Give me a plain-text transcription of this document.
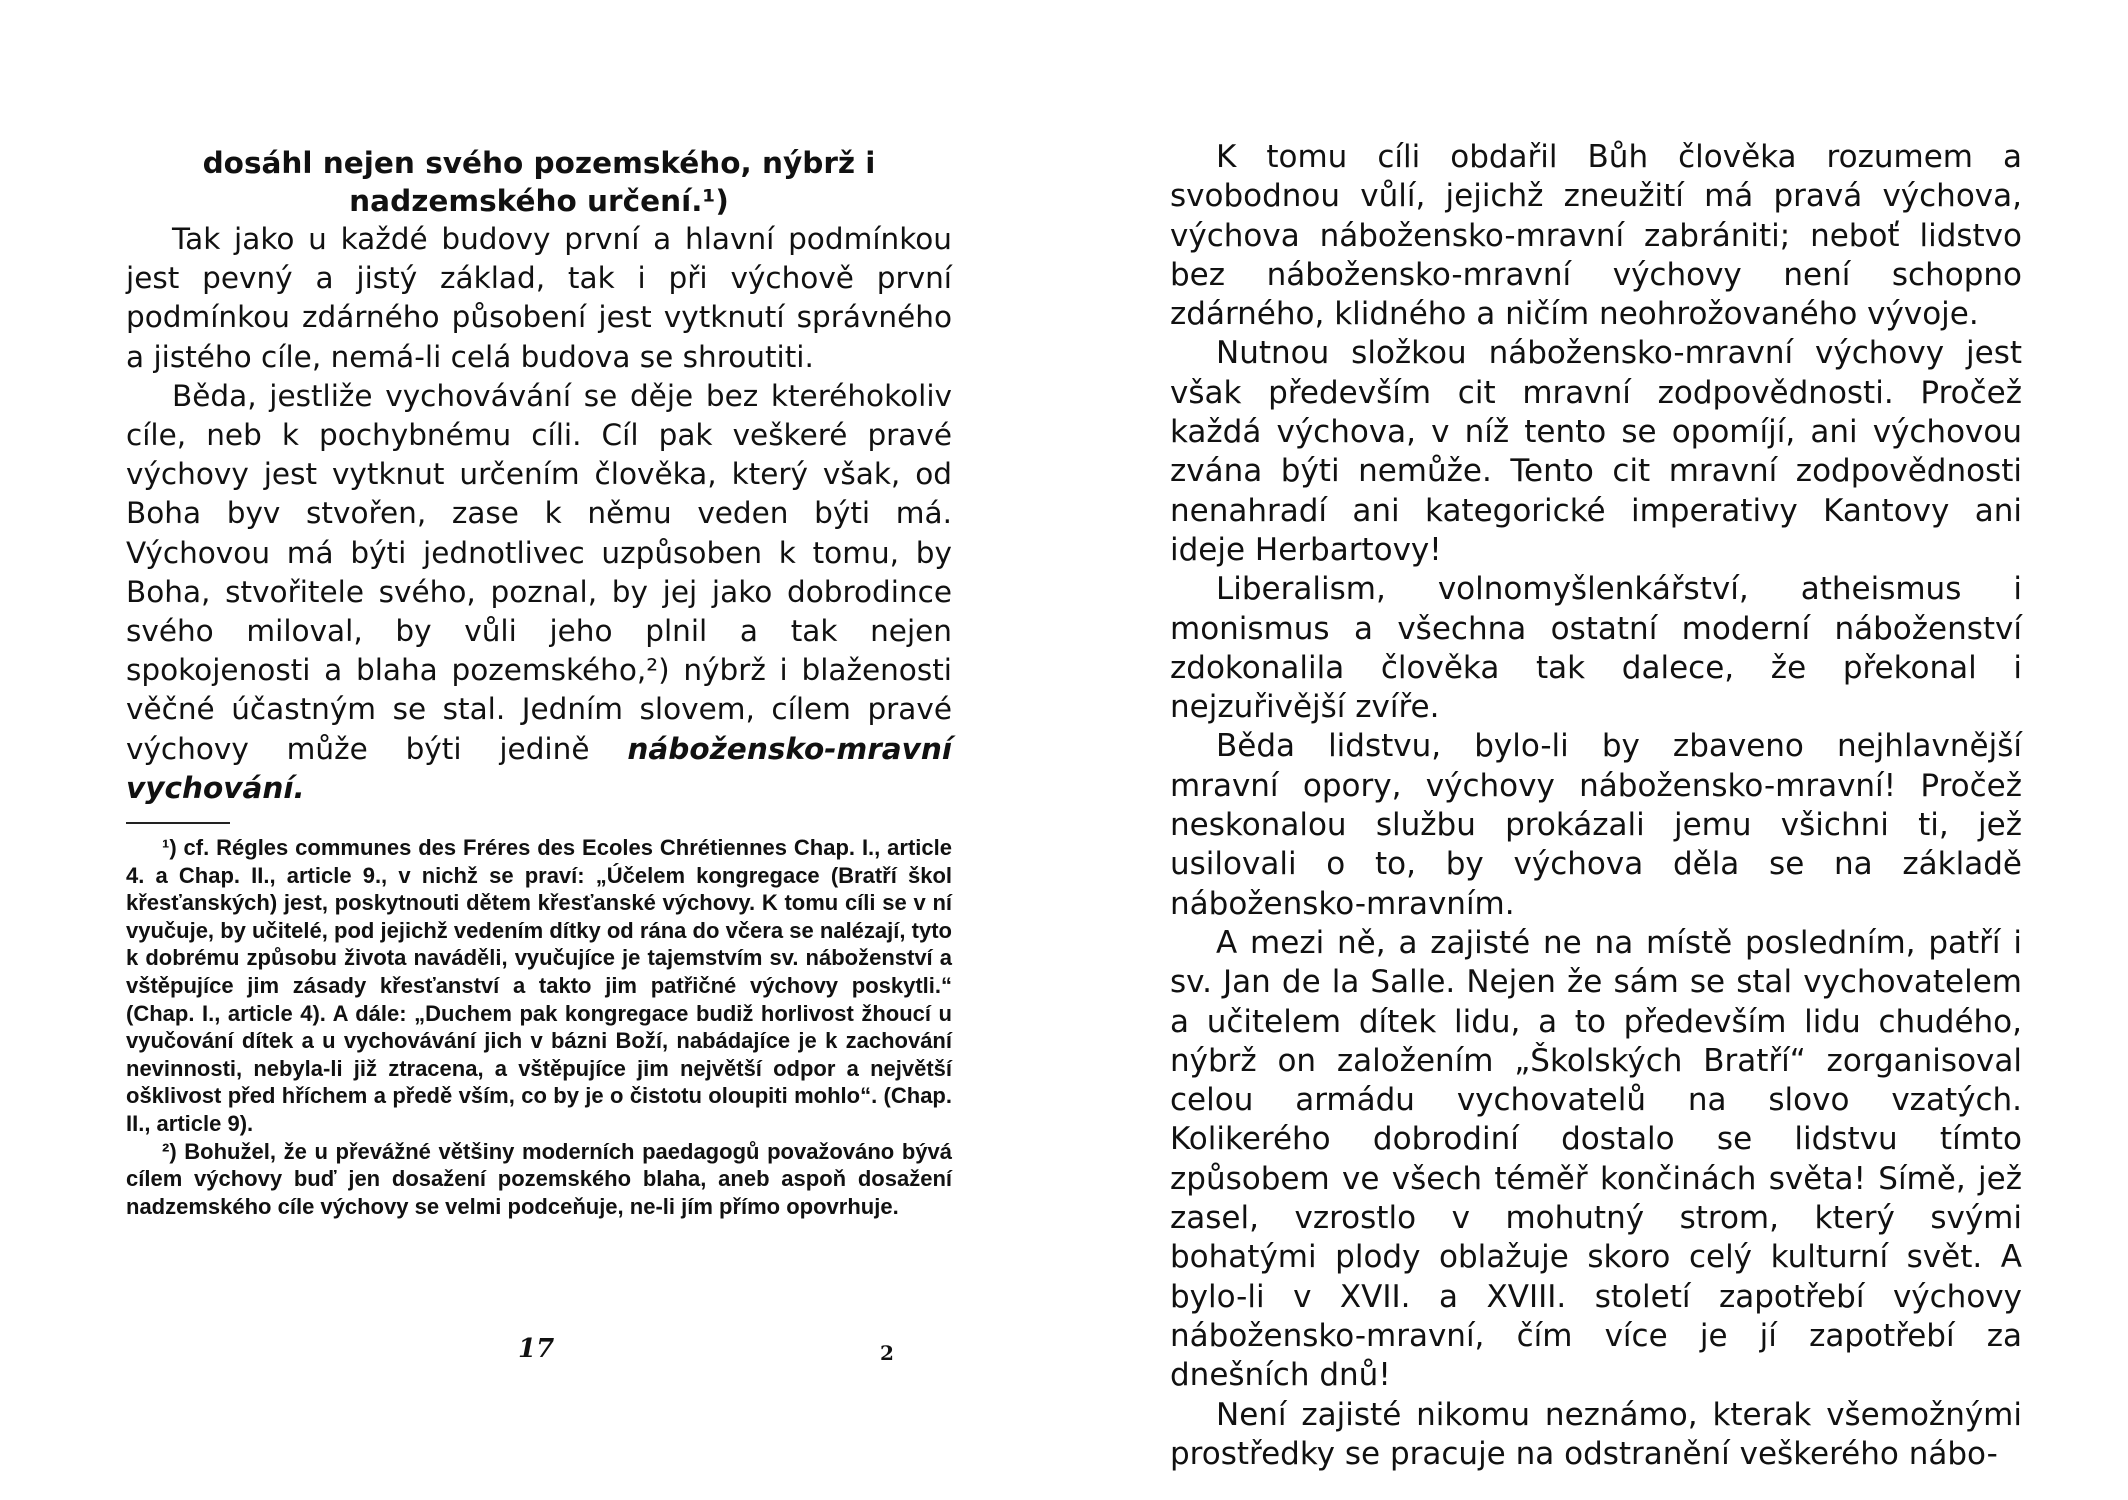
dosáhl nejen svého pozemského, nýbrž i nadzemského určení.¹)

Tak jako u každé budovy první a hlavní podmínkou jest pevný a jistý základ, tak i při výchově první podmínkou zdárného působení jest vytknutí správného a jistého cíle, nemá-li celá budova se shroutiti.

Běda, jestliže vychovávání se děje bez kteréhokoliv cíle, neb k pochybnému cíli. Cíl pak veškeré pravé výchovy jest vytknut určením člověka, který však, od Boha byv stvořen, zase k němu veden býti má. Výchovou má býti jednotlivec uzpůsoben k tomu, by Boha, stvořitele svého, poznal, by jej jako dobrodince svého miloval, by vůli jeho plnil a tak nejen spokojenosti a blaha pozemského,²) nýbrž i blaženosti věčné účastným se stal. Jedním slovem, cílem pravé výchovy může býti jedině nábožensko-mravní vychování.

¹) cf. Régles communes des Fréres des Ecoles Chrétiennes Chap. I., article 4. a Chap. II., article 9., v nichž se praví: „Účelem kongregace (Bratří škol křesťanských) jest, poskytnouti dětem křesťanské výchovy. K tomu cíli se v ní vyučuje, by učitelé, pod jejichž vedením dítky od rána do včera se nalézají, tyto k dobrému způsobu života naváděli, vyučujíce je tajemstvím sv. náboženství a vštěpujíce jim zásady křesťanství a takto jim patřičné výchovy poskytli.“ (Chap. I., article 4). A dále: „Duchem pak kongregace budiž horlivost žhoucí u vyučování dítek a u vychovávání jich v bázni Boží, nabádajíce je k zachování nevinnosti, nebyla-li již ztracena, a vštěpujíce jim největší odpor a největší ošklivost před hříchem a předě vším, co by je o čistotu oloupiti mohlo“. (Chap. II., article 9).

²) Bohužel, že u převážné většiny moderních paedagogů považováno bývá cílem výchovy buď jen dosažení pozemského blaha, aneb aspoň dosažení nadzemského cíle výchovy se velmi podceňuje, ne-li jím přímo opovrhuje.

17	2

K tomu cíli obdařil Bůh člověka rozumem a svobodnou vůlí, jejichž zneužití má pravá výchova, výchova nábožensko-mravní zabrániti; neboť lidstvo bez nábožensko-mravní výchovy není schopno zdárného, klidného a ničím neohrožovaného vývoje.

Nutnou složkou nábožensko-mravní výchovy jest však především cit mravní zodpovědnosti. Pročež každá výchova, v níž tento se opomíjí, ani výchovou zvána býti nemůže. Tento cit mravní zodpovědnosti nenahradí ani kategorické imperativy Kantovy ani ideje Herbartovy!

Liberalism, volnomyšlenkářství, atheismus i monismus a všechna ostatní moderní náboženství zdokonalila člověka tak dalece, že překonal i nejzuřivější zvíře.

Běda lidstvu, bylo-li by zbaveno nejhlavnější mravní opory, výchovy nábožensko-mravní! Pročež neskonalou službu prokázali jemu všichni ti, jež usilovali o to, by výchova děla se na základě nábožensko-mravním.

A mezi ně, a zajisté ne na místě posledním, patří i sv. Jan de la Salle. Nejen že sám se stal vychovatelem a učitelem dítek lidu, a to především lidu chudého, nýbrž on založením „Školských Bratří“ zorganisoval celou armádu vychovatelů na slovo vzatých. Kolikerého dobrodiní dostalo se lidstvu tímto způsobem ve všech téměř končinách světa! Símě, jež zasel, vzrostlo v mohutný strom, který svými bohatými plody oblažuje skoro celý kulturní svět. A bylo-li v XVII. a XVIII. století zapotřebí výchovy nábožensko-mravní, čím více je jí zapotřebí za dnešních dnů!

Není zajisté nikomu neznámo, kterak všemožnými prostředky se pracuje na odstranění veškerého nábo-
